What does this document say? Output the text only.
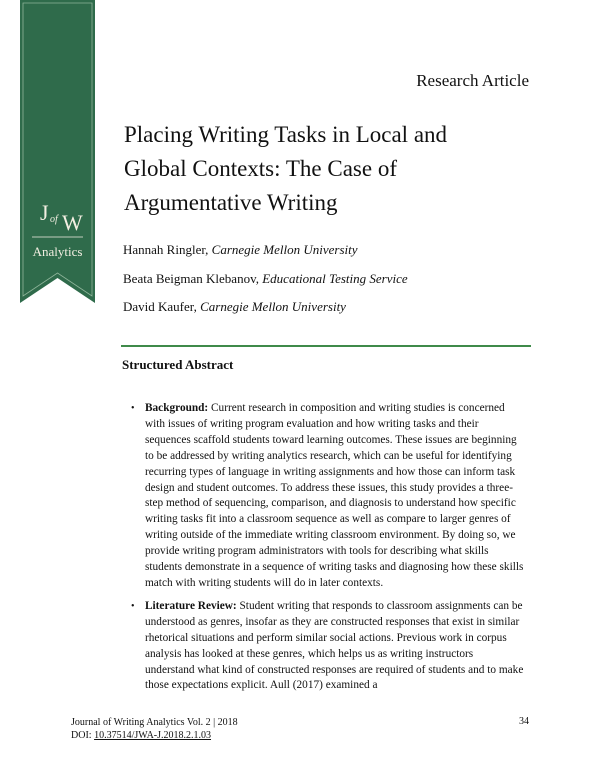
J of W
Analytics
Research Article
Placing Writing Tasks in Local and
Global Contexts: The Case of
Argumentative Writing
Hannah Ringler, Carnegie Mellon University
Beata Beigman Klebanov, Educational Testing Service
David Kaufer, Carnegie Mellon University
Structured Abstract
• Background: Current research in composition and writing studies is concerned with issues of writing program evaluation and how writing tasks and their sequences scaffold students toward learning outcomes. These issues are beginning to be addressed by writing analytics research, which can be useful for identifying recurring types of language in writing assignments and how those can inform task design and student outcomes. To address these issues, this study provides a three-step method of sequencing, comparison, and diagnosis to understand how specific writing tasks fit into a classroom sequence as well as compare to larger genres of writing outside of the immediate writing classroom environment. By doing so, we provide writing program administrators with tools for describing what skills students demonstrate in a sequence of writing tasks and diagnosing how these skills match with writing students will do in later contexts.
• Literature Review: Student writing that responds to classroom assignments can be understood as genres, insofar as they are constructed responses that exist in similar rhetorical situations and perform similar social actions. Previous work in corpus analysis has looked at these genres, which helps us as writing instructors understand what kind of constructed responses are required of students and to make those expectations explicit. Aull (2017) examined a
Journal of Writing Analytics Vol. 2 | 2018
DOI: 10.37514/JWA-J.2018.2.1.03
34
